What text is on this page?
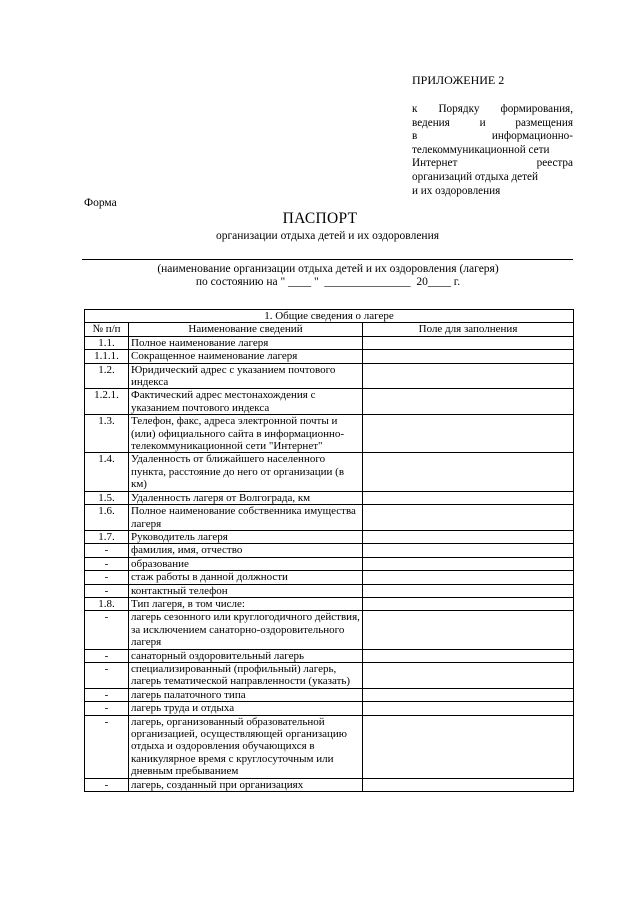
ПРИЛОЖЕНИЕ 2
к Порядку формирования,
ведения и размещения
в информационно-
телекоммуникационной сети
Интернет реестра
организаций отдыха детей
и их оздоровления
Форма
ПАСПОРТ
организации отдыха детей и их оздоровления
(наименование организации отдыха детей и их оздоровления (лагеря)
по состоянию на " ____ "  _______________  20____ г.
1. Общие сведения о лагере		
№ п/п	Наименование сведений	Поле для заполнения
1.1.	Полное наименование лагеря	
1.1.1.	Сокращенное наименование лагеря	
1.2.	Юридический адрес с указанием почтового индекса	
1.2.1.	Фактический адрес местонахождения с указанием почтового индекса	
1.3.	Телефон, факс, адреса электронной почты и (или) официального сайта в информационно-телекоммуникационной сети "Интернет"	
1.4.	Удаленность от ближайшего населенного пункта, расстояние до него от организации (в км)	
1.5.	Удаленность лагеря от Волгограда, км	
1.6.	Полное наименование собственника имущества лагеря	
1.7.	Руководитель лагеря	
-	фамилия, имя, отчество	
-	образование	
-	стаж работы в данной должности	
-	контактный телефон	
1.8.	Тип лагеря, в том числе:	
-	лагерь сезонного или круглогодичного действия, за исключением санаторно-оздоровительного лагеря	
-	санаторный оздоровительный лагерь	
-	специализированный (профильный) лагерь, лагерь тематической направленности (указать)	
-	лагерь палаточного типа	
-	лагерь труда и отдыха	
-	лагерь, организованный образовательной организацией, осуществляющей организацию отдыха и оздоровления обучающихся в каникулярное время с круглосуточным или дневным пребыванием	
-	лагерь, созданный при организациях	
